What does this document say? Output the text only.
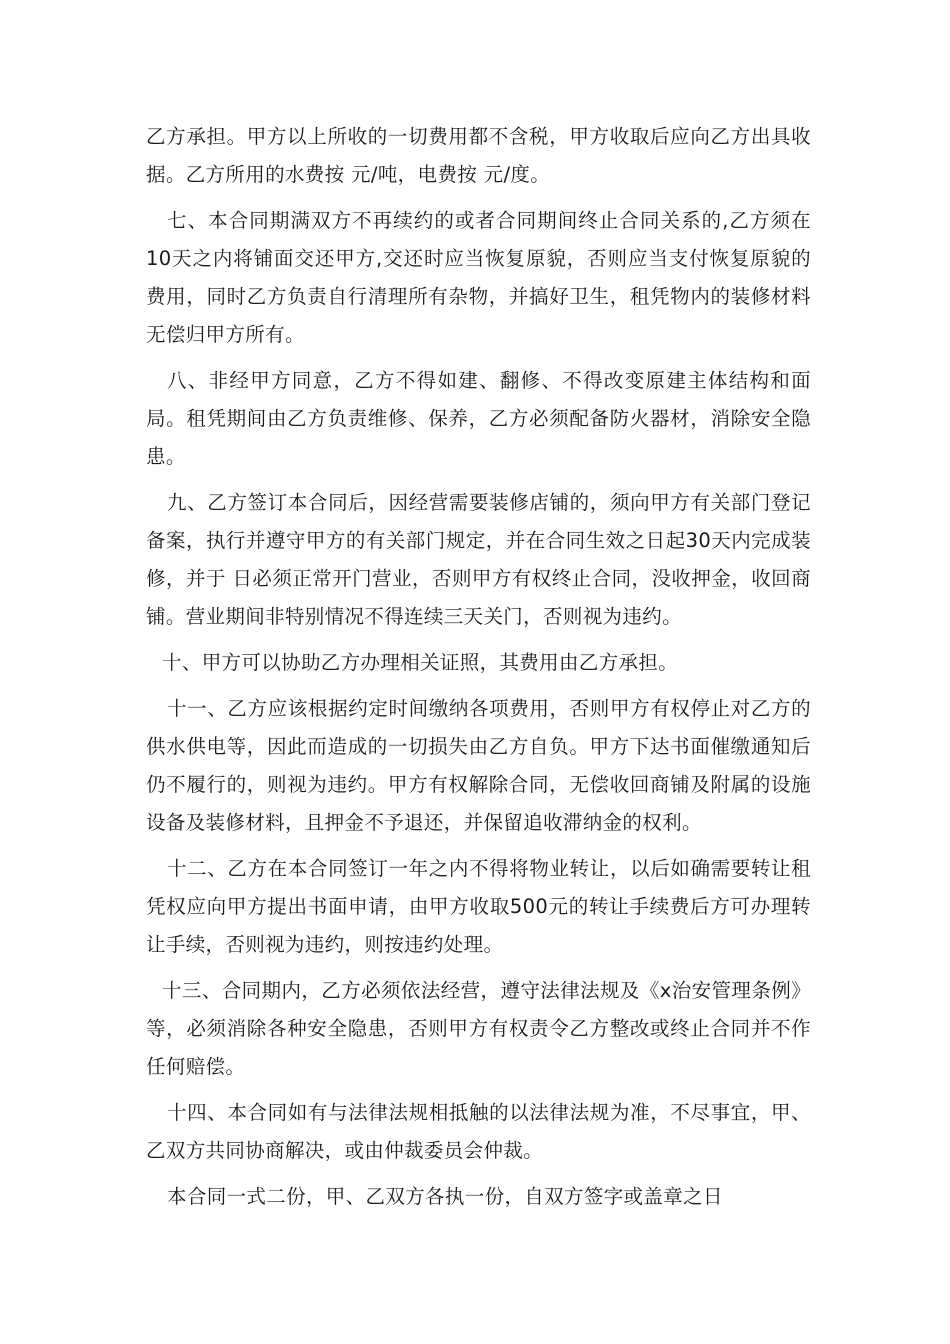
乙方承担。甲方以上所收的一切费用都不含税，甲方收取后应向乙方出具收据。乙方所用的水费按 元/吨，电费按 元/度。

七、本合同期满双方不再续约的或者合同期间终止合同关系的,乙方须在10天之内将铺面交还甲方,交还时应当恢复原貌，否则应当支付恢复原貌的费用，同时乙方负责自行清理所有杂物，并搞好卫生，租凭物内的装修材料无偿归甲方所有。

八、非经甲方同意，乙方不得如建、翻修、不得改变原建主体结构和面局。租凭期间由乙方负责维修、保养，乙方必须配备防火器材，消除安全隐患。

九、乙方签订本合同后，因经营需要装修店铺的，须向甲方有关部门登记备案，执行并遵守甲方的有关部门规定，并在合同生效之日起30天内完成装修，并于 日必须正常开门营业，否则甲方有权终止合同，没收押金，收回商铺。营业期间非特别情况不得连续三天关门，否则视为违约。

十、甲方可以协助乙方办理相关证照，其费用由乙方承担。

十一、乙方应该根据约定时间缴纳各项费用，否则甲方有权停止对乙方的供水供电等，因此而造成的一切损失由乙方自负。甲方下达书面催缴通知后仍不履行的，则视为违约。甲方有权解除合同，无偿收回商铺及附属的设施设备及装修材料，且押金不予退还，并保留追收滞纳金的权利。

十二、乙方在本合同签订一年之内不得将物业转让，以后如确需要转让租凭权应向甲方提出书面申请，由甲方收取500元的转让手续费后方可办理转让手续，否则视为违约，则按违约处理。

十三、合同期内，乙方必须依法经营，遵守法律法规及《x治安管理条例》等，必须消除各种安全隐患，否则甲方有权责令乙方整改或终止合同并不作任何赔偿。

十四、本合同如有与法律法规相抵触的以法律法规为准，不尽事宜，甲、乙双方共同协商解决，或由仲裁委员会仲裁。

本合同一式二份，甲、乙双方各执一份，自双方签字或盖章之日
